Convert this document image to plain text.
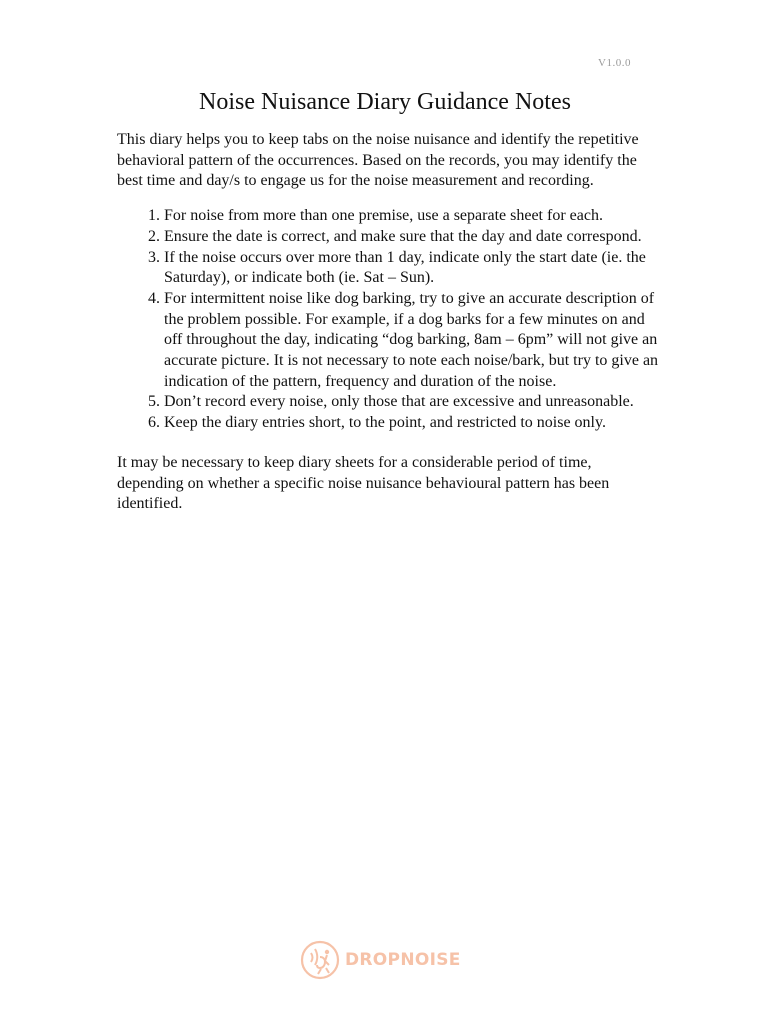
V1.0.0
Noise Nuisance Diary Guidance Notes

This diary helps you to keep tabs on the noise nuisance and identify the repetitive behavioral pattern of the occurrences. Based on the records, you may identify the best time and day/s to engage us for the noise measurement and recording.

1. For noise from more than one premise, use a separate sheet for each.
2. Ensure the date is correct, and make sure that the day and date correspond.
3. If the noise occurs over more than 1 day, indicate only the start date (ie. the Saturday), or indicate both (ie. Sat – Sun).
4. For intermittent noise like dog barking, try to give an accurate description of the problem possible. For example, if a dog barks for a few minutes on and off throughout the day, indicating “dog barking, 8am – 6pm” will not give an accurate picture. It is not necessary to note each noise/bark, but try to give an indication of the pattern, frequency and duration of the noise.
5. Don’t record every noise, only those that are excessive and unreasonable.
6. Keep the diary entries short, to the point, and restricted to noise only.

It may be necessary to keep diary sheets for a considerable period of time, depending on whether a specific noise nuisance behavioural pattern has been identified.

DROPNOISE
